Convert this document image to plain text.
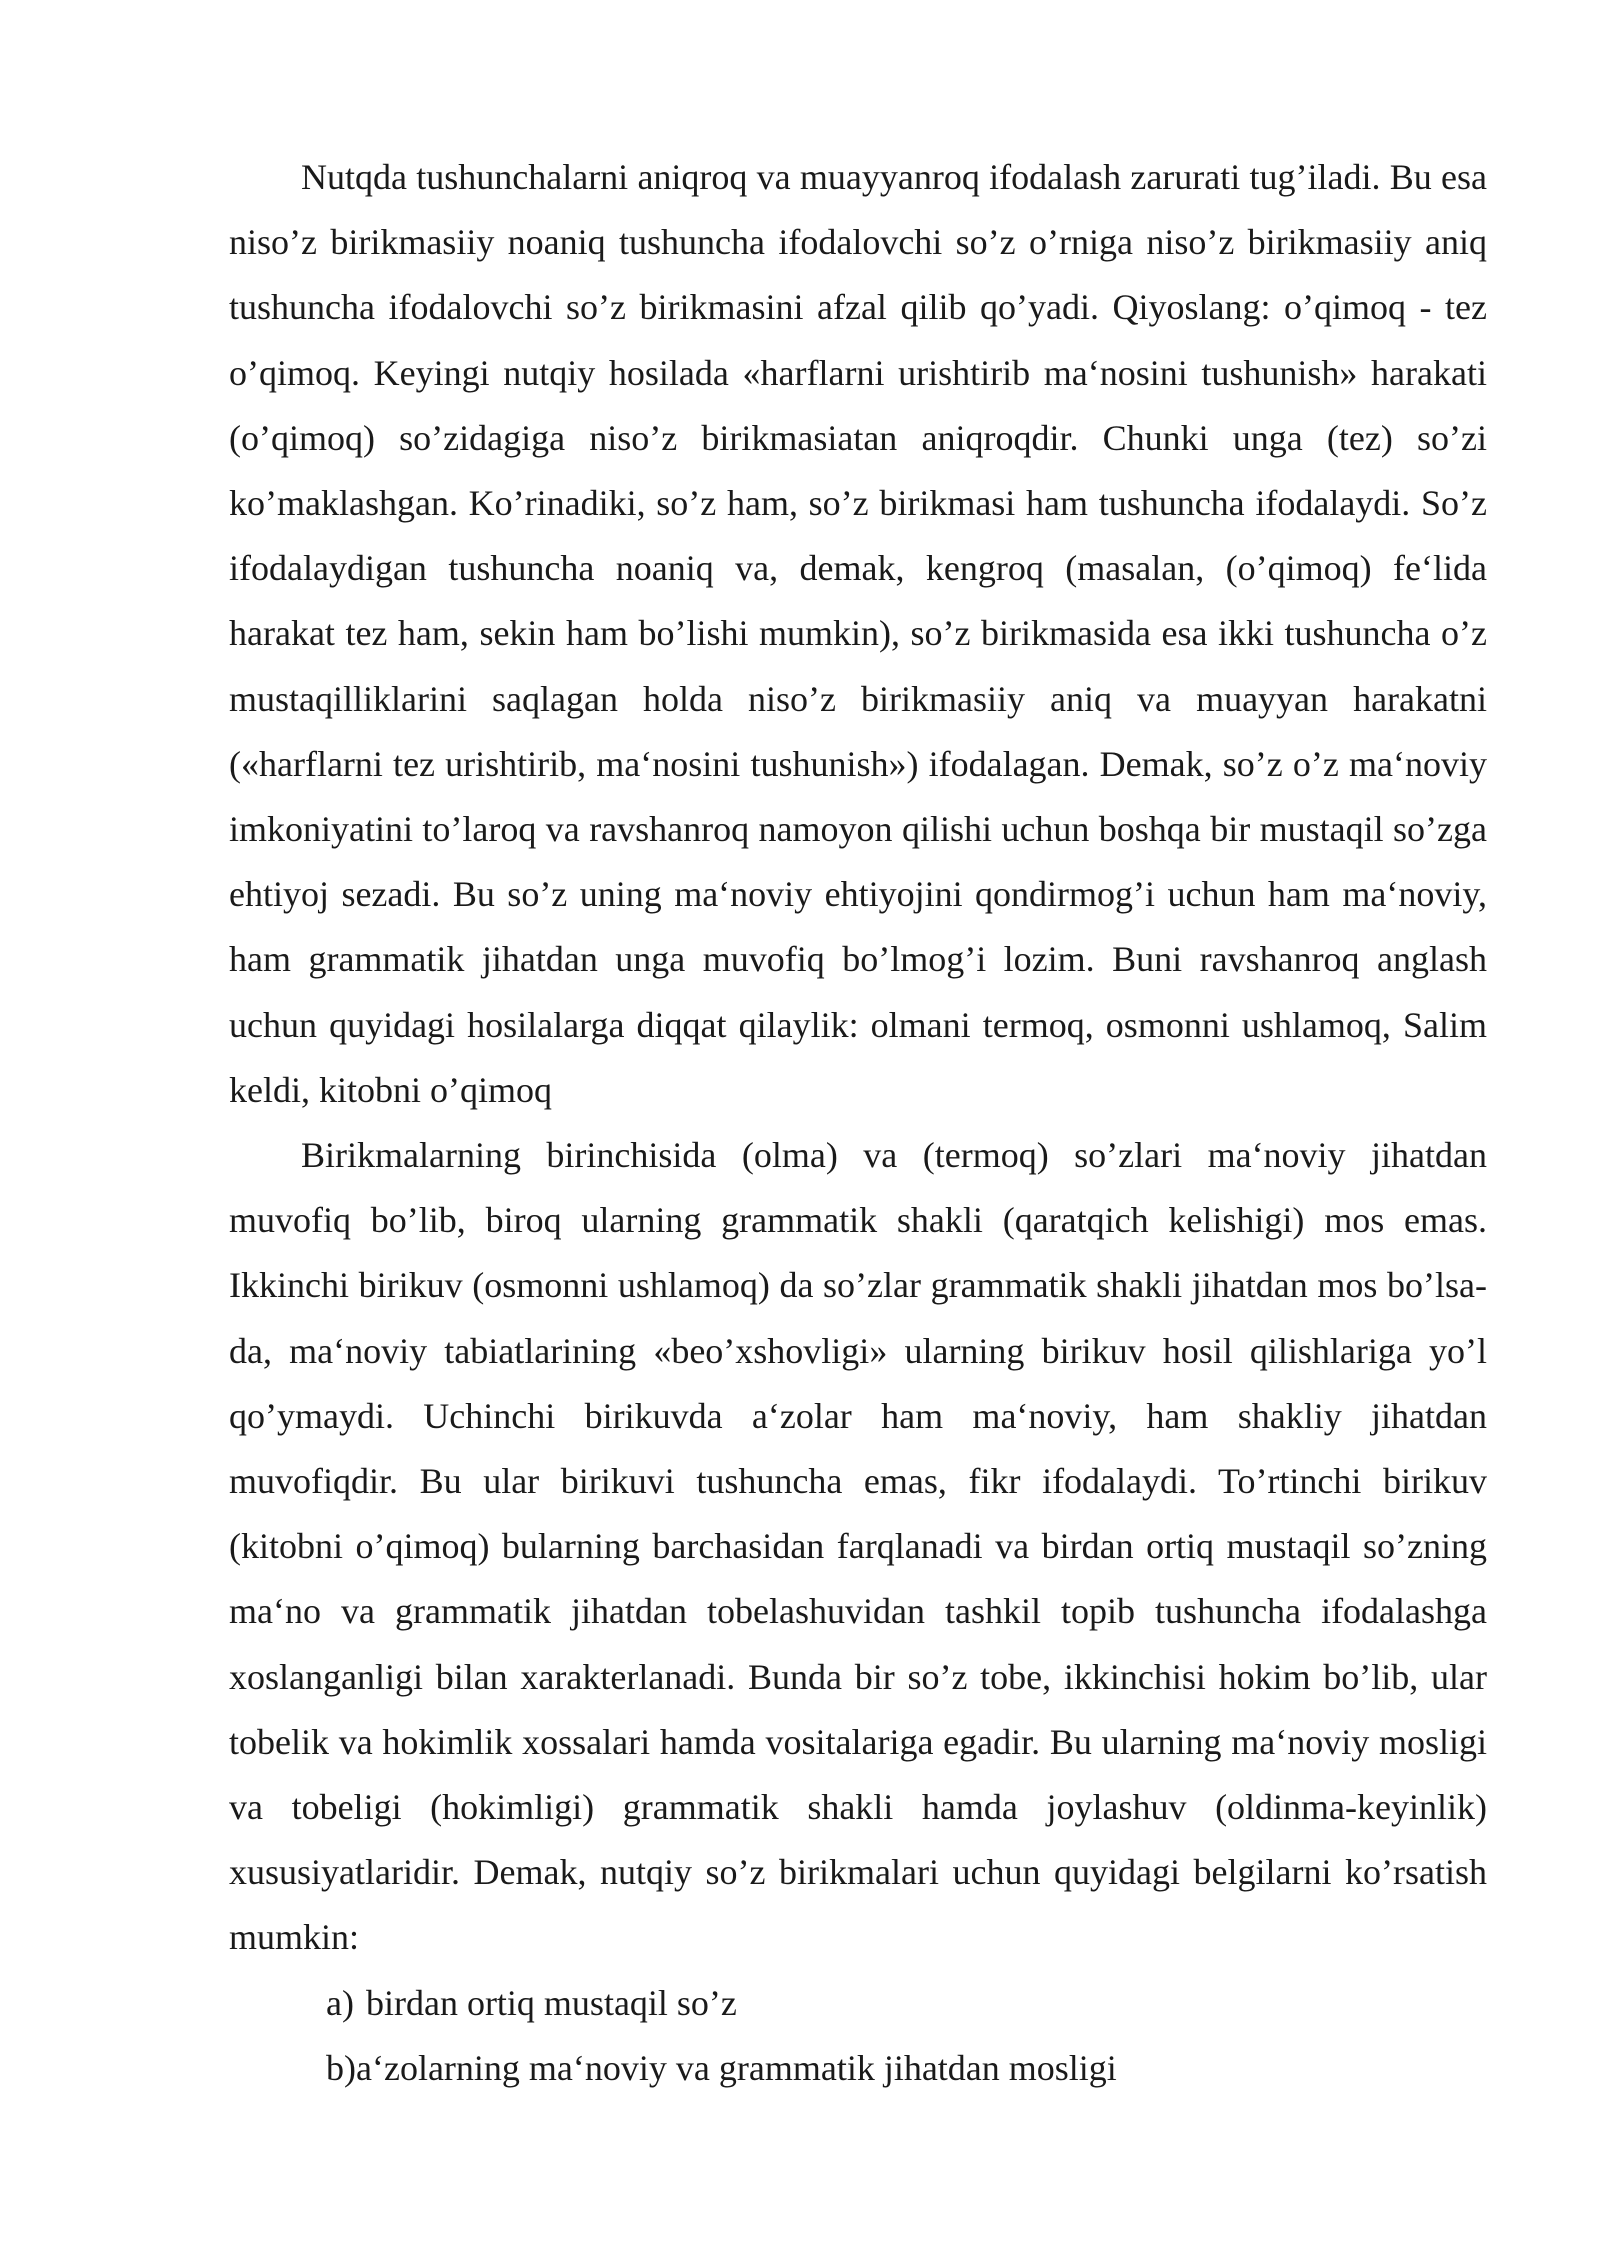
Nutqda tushunchalarni aniqroq va muayyanroq ifodalash zarurati tug’iladi. Bu esa niso’z birikmasiiy noaniq tushuncha ifodalovchi so’z o’rniga niso’z birikmasiiy aniq tushuncha ifodalovchi so’z birikmasini afzal qilib qo’yadi. Qiyoslang: o’qimoq - tez o’qimoq. Keyingi nutqiy hosilada «harflarni urishtirib ma‘nosini tushunish» harakati (o’qimoq) so’zidagiga niso’z birikmasiatan aniqroqdir. Chunki unga (tez) so’zi ko’maklashgan. Ko’rinadiki, so’z ham, so’z birikmasi ham tushuncha ifodalaydi. So’z ifodalaydigan tushuncha noaniq va, demak, kengroq (masalan, (o’qimoq) fe‘lida harakat tez ham, sekin ham bo’lishi mumkin), so’z birikmasida esa ikki tushuncha o’z mustaqilliklarini saqlagan holda niso’z birikmasiiy aniq va muayyan harakatni («harflarni tez urishtirib, ma‘nosini tushunish») ifodalagan. Demak, so’z o’z ma‘noviy imkoniyatini to’laroq va ravshanroq namoyon qilishi uchun boshqa bir mustaqil so’zga ehtiyoj sezadi. Bu so’z uning ma‘noviy ehtiyojini qondirmog’i uchun ham ma‘noviy, ham grammatik jihatdan unga muvofiq bo’lmog’i lozim. Buni ravshanroq anglash uchun quyidagi hosilalarga diqqat qilaylik: olmani termoq, osmonni ushlamoq, Salim keldi, kitobni o’qimoq

Birikmalarning birinchisida (olma) va (termoq) so’zlari ma‘noviy jihatdan muvofiq bo’lib, biroq ularning grammatik shakli (qaratqich kelishigi) mos emas. Ikkinchi birikuv (osmonni ushlamoq) da so’zlar grammatik shakli jihatdan mos bo’lsa-da, ma‘noviy tabiatlarining «beo’xshovligi» ularning birikuv hosil qilishlariga yo’l qo’ymaydi. Uchinchi birikuvda a‘zolar ham ma‘noviy, ham shakliy jihatdan muvofiqdir. Bu ular birikuvi tushuncha emas, fikr ifodalaydi. To’rtinchi birikuv (kitobni o’qimoq) bularning barchasidan farqlanadi va birdan ortiq mustaqil so’zning ma‘no va grammatik jihatdan tobelashuvidan tashkil topib tushuncha ifodalashga xoslanganligi bilan xarakterlanadi. Bunda bir so’z tobe, ikkinchisi hokim bo’lib, ular tobelik va hokimlik xossalari hamda vositalariga egadir. Bu ularning ma‘noviy mosligi va tobeligi (hokimligi) grammatik shakli hamda joylashuv (oldinma-keyinlik) xususiyatlaridir. Demak, nutqiy so’z birikmalari uchun quyidagi belgilarni ko’rsatish mumkin:

a) birdan ortiq mustaqil so’z

b)a‘zolarning ma‘noviy va grammatik jihatdan mosligi
